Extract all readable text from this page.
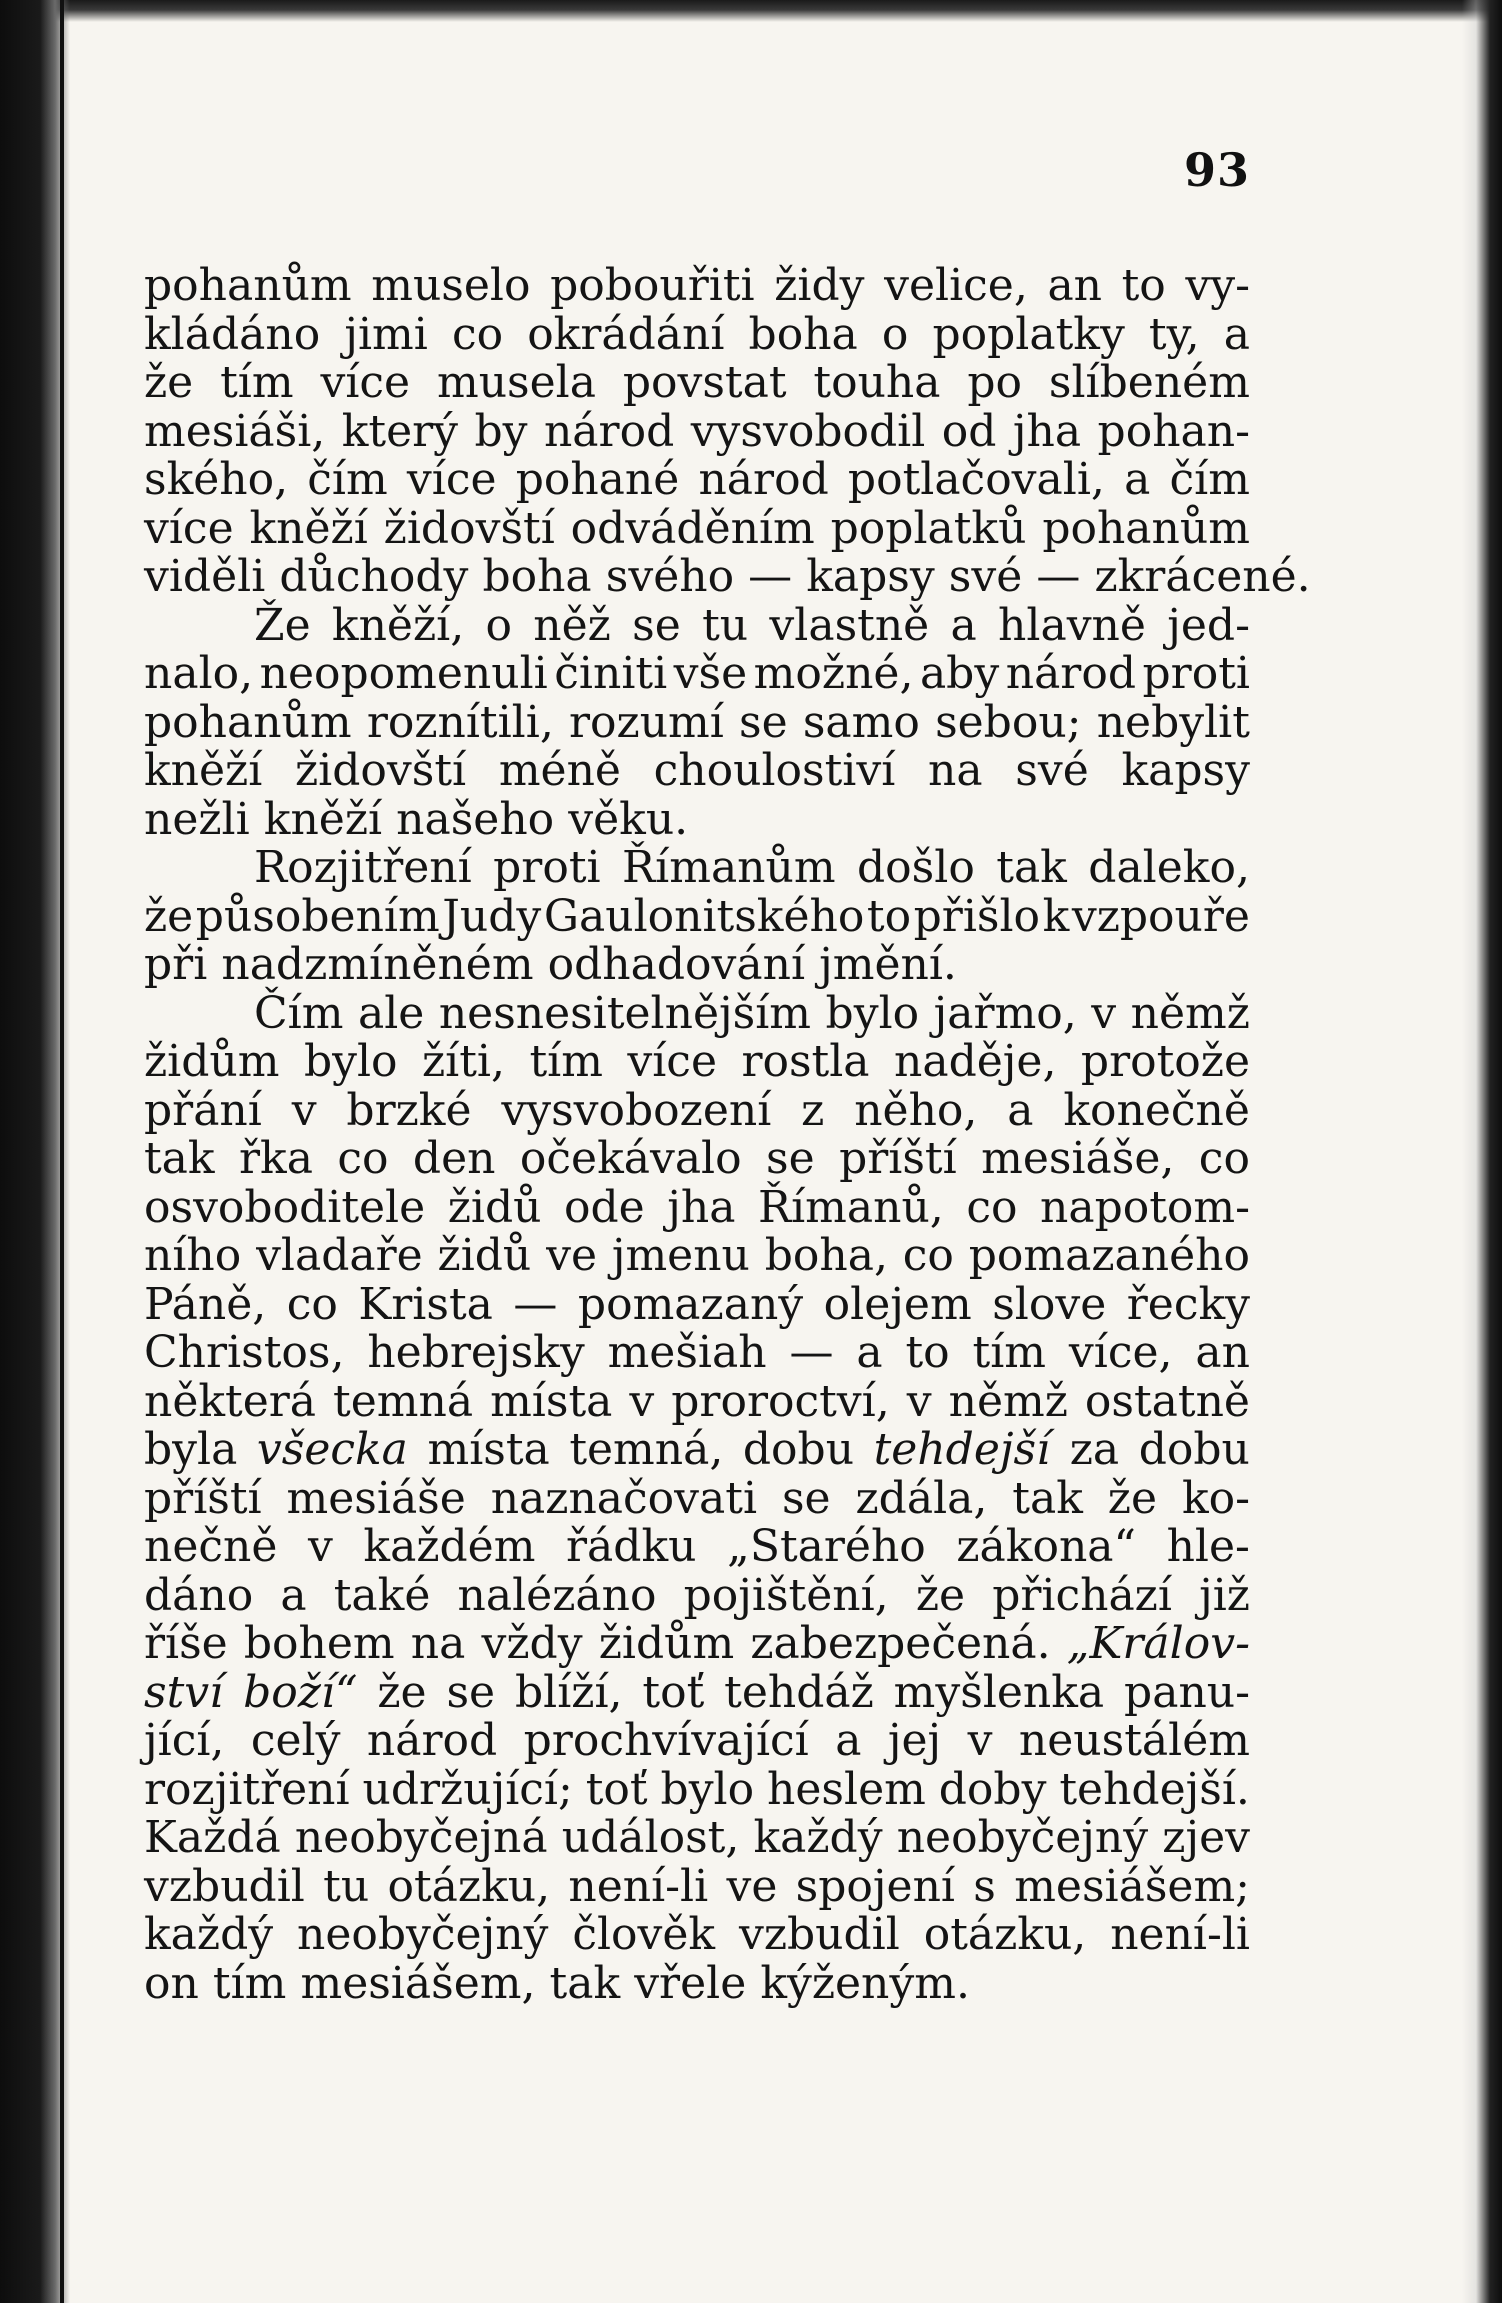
93

pohanům muselo pobouřiti židy velice, an to vy-
kládáno jimi co okrádání boha o poplatky ty, a
že tím více musela povstat touha po slíbeném
mesiáši, který by národ vysvobodil od jha pohan-
ského, čím více pohané národ potlačovali, a čím
více kněží židovští odváděním poplatků pohanům
viděli důchody boha svého — kapsy své — zkrácené.
Že kněží, o něž se tu vlastně a hlavně jed-
nalo, neopomenuli činiti vše možné, aby národ proti
pohanům roznítili, rozumí se samo sebou; nebylit
kněží židovští méně choulostiví na své kapsy
nežli kněží našeho věku.
Rozjitření proti Římanům došlo tak daleko,
že působením Judy Gaulonitského to přišlo k vzpouře
při nadzmíněném odhadování jmění.
Čím ale nesnesitelnějším bylo jařmo, v němž
židům bylo žíti, tím více rostla naděje, protože
přání v brzké vysvobození z něho, a konečně
tak řka co den očekávalo se příští mesiáše, co
osvoboditele židů ode jha Římanů, co napotom-
ního vladaře židů ve jmenu boha, co pomazaného
Páně, co Krista — pomazaný olejem slove řecky
Christos, hebrejsky mešiah — a to tím více, an
některá temná místa v proroctví, v němž ostatně
byla všecka místa temná, dobu tehdejší za dobu
příští mesiáše naznačovati se zdála, tak že ko-
nečně v každém řádku „Starého zákona“ hle-
dáno a také nalézáno pojištění, že přichází již
říše bohem na vždy židům zabezpečená. „Králov-
ství boží“ že se blíží, toť tehdáž myšlenka panu-
jící, celý národ prochvívající a jej v neustálém
rozjitření udržující; toť bylo heslem doby tehdejší.
Každá neobyčejná událost, každý neobyčejný zjev
vzbudil tu otázku, není-li ve spojení s mesiášem;
každý neobyčejný člověk vzbudil otázku, není-li
on tím mesiášem, tak vřele kýženým.
